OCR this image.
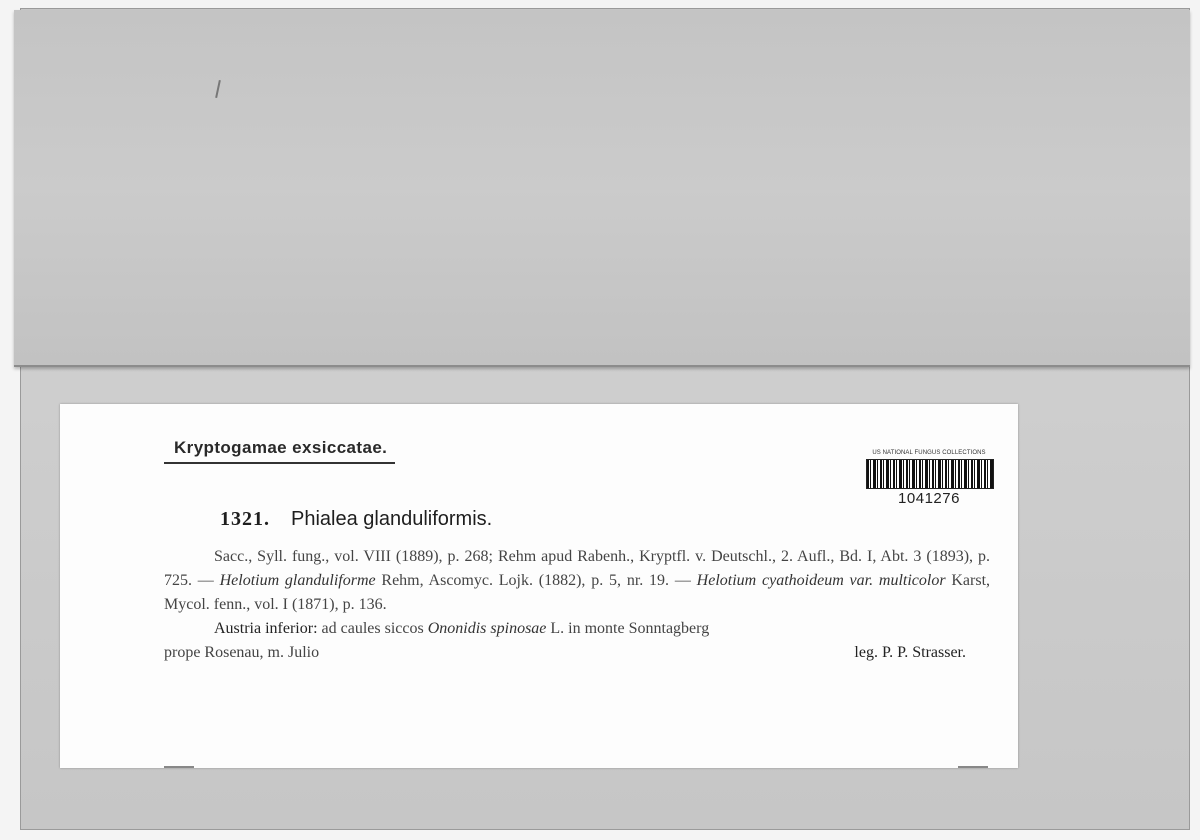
Kryptogamae exsiccatae.	US NATIONAL FUNGUS COLLECTIONS
1041276
1321. Phialea glanduliformis.

Sacc., Syll. fung., vol. VIII (1889), p. 268; Rehm apud Rabenh., Kryptfl. v. Deutschl., 2. Aufl., Bd. I, Abt. 3 (1893), p. 725. — Helotium glanduliforme Rehm, Ascomyc. Lojk. (1882), p. 5, nr. 19. — Helotium cyathoideum var. multicolor Karst, Mycol. fenn., vol. I (1871), p. 136.

Austria inferior: ad caules siccos Ononidis spinosae L. in monte Sonntagberg

prope Rosenau, m. Julio	leg. P. P. Strasser.
